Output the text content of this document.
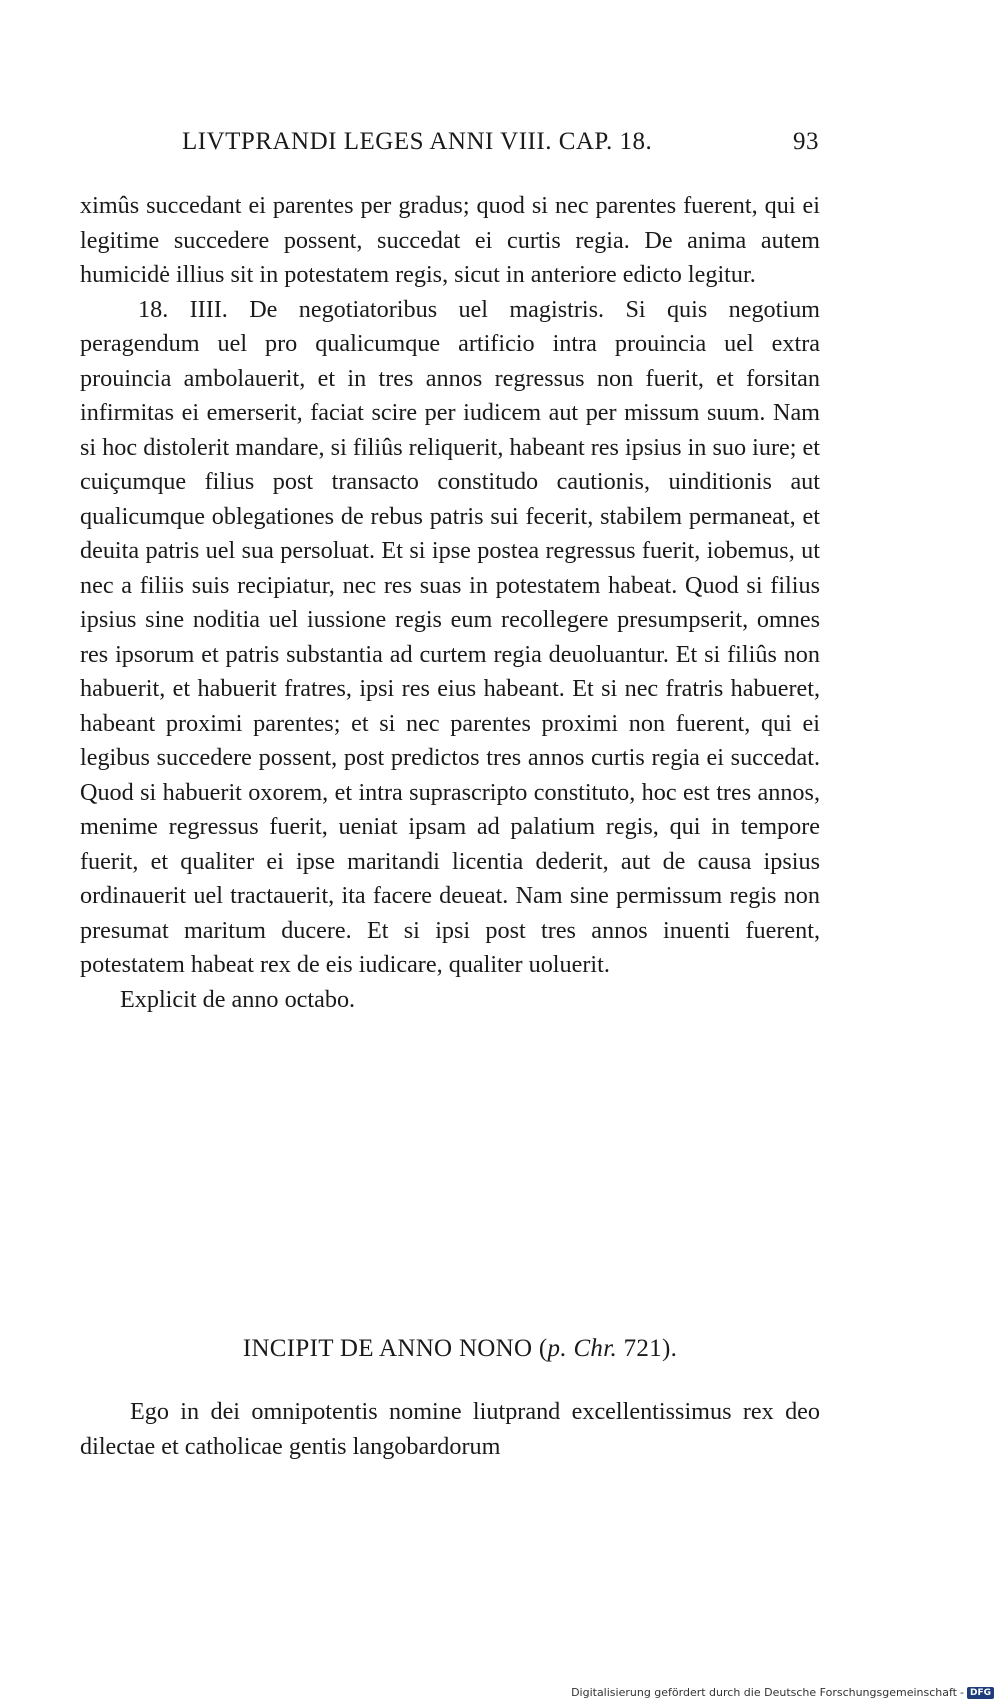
LIVTPRANDI LEGES ANNI VIII. CAP. 18.	93

ximûs succedant ei parentes per gradus; quod si nec parentes fuerent, qui ei legitime succedere possent, succedat ei curtis regia. De anima autem humicidė illius sit in potestatem regis, sicut in anteriore edicto legitur.

18. IIII. De negotiatoribus uel magistris. Si quis negotium peragendum uel pro qualicumque artificio intra prouincia uel extra prouincia ambolauerit, et in tres annos regressus non fuerit, et forsitan infirmitas ei emerserit, faciat scire per iudicem aut per missum suum. Nam si hoc distolerit mandare, si filiûs reliquerit, habeant res ipsius in suo iure; et cuiçumque filius post transacto constitudo cautionis, uinditionis aut qualicumque oblegationes de rebus patris sui fecerit, stabilem permaneat, et deuita patris uel sua persoluat. Et si ipse postea regressus fuerit, iobemus, ut nec a filiis suis recipiatur, nec res suas in potestatem habeat. Quod si filius ipsius sine noditia uel iussione regis eum recollegere presumpserit, omnes res ipsorum et patris substantia ad curtem regia deuoluantur. Et si filiûs non habuerit, et habuerit fratres, ipsi res eius habeant. Et si nec fratris habueret, habeant proximi parentes; et si nec parentes proximi non fuerent, qui ei legibus succedere possent, post predictos tres annos curtis regia ei succedat. Quod si habuerit oxorem, et intra suprascripto constituto, hoc est tres annos, menime regressus fuerit, ueniat ipsam ad palatium regis, qui in tempore fuerit, et qualiter ei ipse maritandi licentia dederit, aut de causa ipsius ordinauerit uel tractauerit, ita facere deueat. Nam sine permissum regis non presumat maritum ducere. Et si ipsi post tres annos inuenti fuerent, potestatem habeat rex de eis iudicare, qualiter uoluerit.

Explicit de anno octabo.

INCIPIT DE ANNO NONO (p. Chr. 721).

Ego in dei omnipotentis nomine liutprand excellentissimus rex deo dilectae et catholicae gentis langobardorum

Digitalisierung gefördert durch die Deutsche Forschungsgemeinschaft - DFG
